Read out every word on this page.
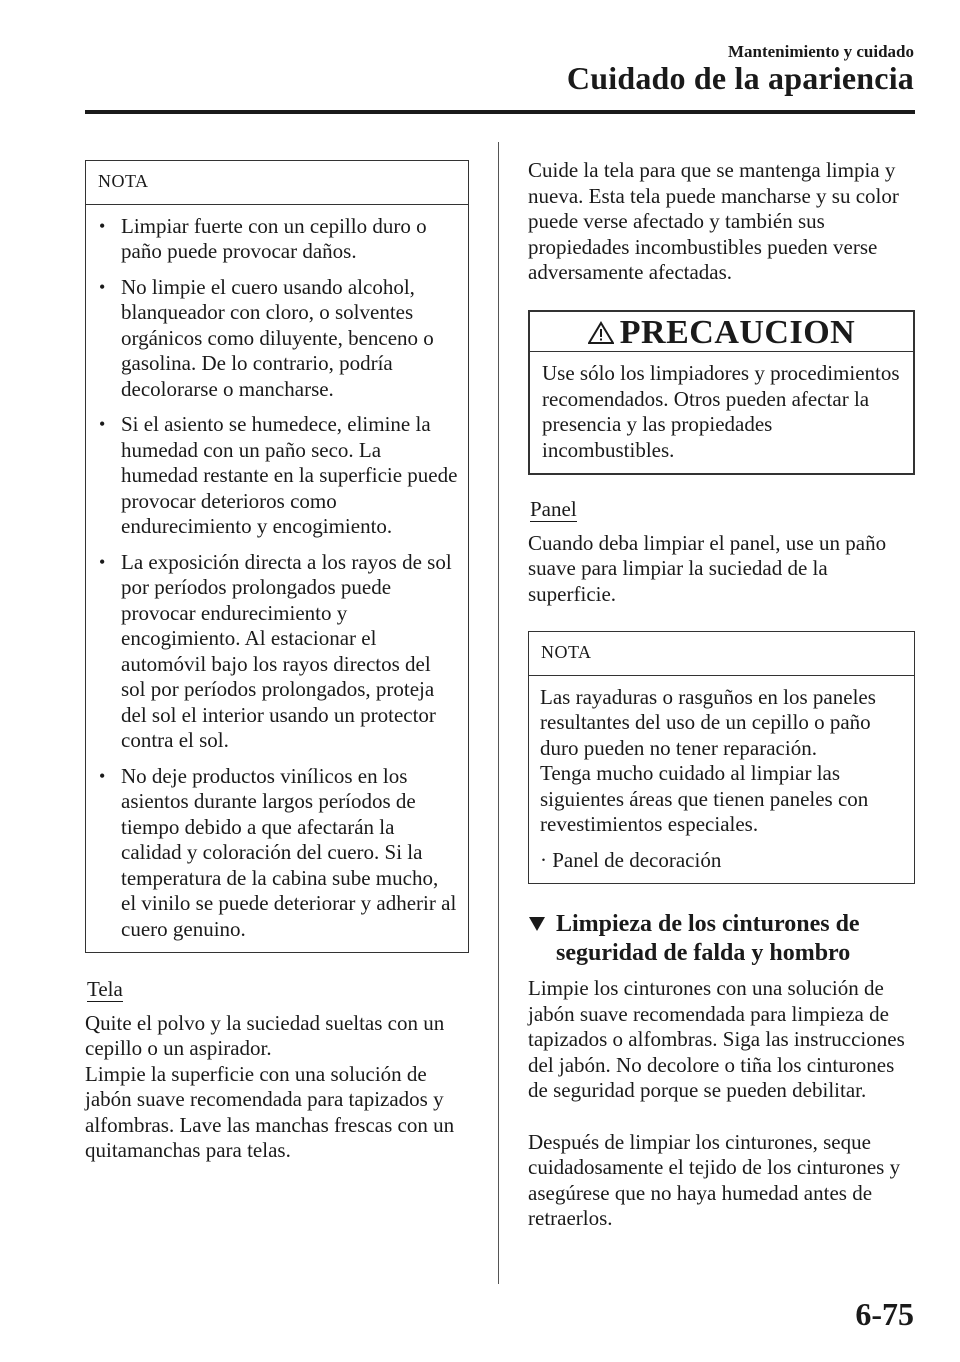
Mantenimiento y cuidado
Cuidado de la apariencia
NOTA
• Limpiar fuerte con un cepillo duro o paño puede provocar daños.
• No limpie el cuero usando alcohol, blanqueador con cloro, o solventes orgánicos como diluyente, benceno o gasolina. De lo contrario, podría decolorarse o mancharse.
• Si el asiento se humedece, elimine la humedad con un paño seco. La humedad restante en la superficie puede provocar deterioros como endurecimiento y encogimiento.
• La exposición directa a los rayos de sol por períodos prolongados puede provocar endurecimiento y encogimiento. Al estacionar el automóvil bajo los rayos directos del sol por períodos prolongados, proteja del sol el interior usando un protector contra el sol.
• No deje productos vinílicos en los asientos durante largos períodos de tiempo debido a que afectarán la calidad y coloración del cuero. Si la temperatura de la cabina sube mucho, el vinilo se puede deteriorar y adherir al cuero genuino.
Tela

Quite el polvo y la suciedad sueltas con un cepillo o un aspirador.

Limpie la superficie con una solución de jabón suave recomendada para tapizados y alfombras. Lave las manchas frescas con un quitamanchas para telas.

Cuide la tela para que se mantenga limpia y nueva. Esta tela puede mancharse y su color puede verse afectado y también sus propiedades incombustibles pueden verse adversamente afectadas.

PRECAUCION
Use sólo los limpiadores y procedimientos recomendados. Otros pueden afectar la presencia y las propiedades incombustibles.
Panel

Cuando deba limpiar el panel, use un paño suave para limpiar la suciedad de la superficie.

NOTA

Las rayaduras o rasguños en los paneles resultantes del uso de un cepillo o paño duro pueden no tener reparación.

Tenga mucho cuidado al limpiar las siguientes áreas que tienen paneles con revestimientos especiales.

· Panel de decoración

Limpieza de los cinturones de seguridad de falda y hombro

Limpie los cinturones con una solución de jabón suave recomendada para limpieza de tapizados o alfombras. Siga las instrucciones del jabón. No decolore o tiña los cinturones de seguridad porque se pueden debilitar.

Después de limpiar los cinturones, seque cuidadosamente el tejido de los cinturones y asegúrese que no haya humedad antes de retraerlos.

6-75
